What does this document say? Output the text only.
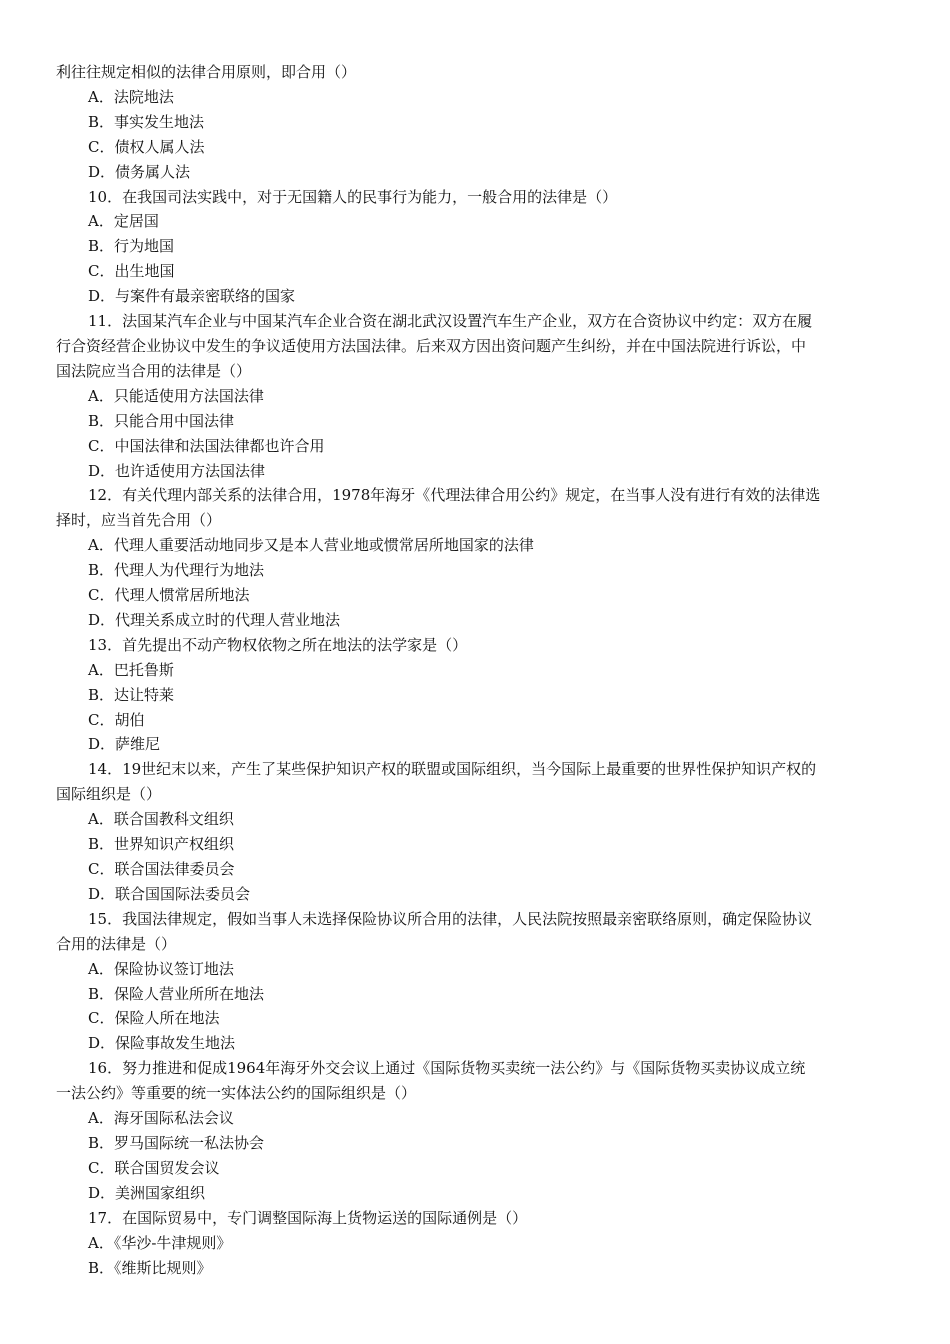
利往往规定相似的法律合用原则，即合用（）
A．法院地法
B．事实发生地法
C．债权人属人法
D．债务属人法
10．在我国司法实践中，对于无国籍人的民事行为能力，一般合用的法律是（）
A．定居国
B．行为地国
C．出生地国
D．与案件有最亲密联络的国家
11．法国某汽车企业与中国某汽车企业合资在湖北武汉设置汽车生产企业，双方在合资协议中约定：双方在履
行合资经营企业协议中发生的争议适使用方法国法律。后来双方因出资问题产生纠纷，并在中国法院进行诉讼，中
国法院应当合用的法律是（）
A．只能适使用方法国法律
B．只能合用中国法律
C．中国法律和法国法律都也许合用
D．也许适使用方法国法律
12．有关代理内部关系的法律合用，1978年海牙《代理法律合用公约》规定，在当事人没有进行有效的法律选
择时，应当首先合用（）
A．代理人重要活动地同步又是本人营业地或惯常居所地国家的法律
B．代理人为代理行为地法
C．代理人惯常居所地法
D．代理关系成立时的代理人营业地法
13．首先提出不动产物权依物之所在地法的法学家是（）
A．巴托鲁斯
B．达让特莱
C．胡伯
D．萨维尼
14．19世纪末以来，产生了某些保护知识产权的联盟或国际组织，当今国际上最重要的世界性保护知识产权的
国际组织是（）
A．联合国教科文组织
B．世界知识产权组织
C．联合国法律委员会
D．联合国国际法委员会
15．我国法律规定，假如当事人未选择保险协议所合用的法律，人民法院按照最亲密联络原则，确定保险协议
合用的法律是（）
A．保险协议签订地法
B．保险人营业所所在地法
C．保险人所在地法
D．保险事故发生地法
16．努力推进和促成1964年海牙外交会议上通过《国际货物买卖统一法公约》与《国际货物买卖协议成立统
一法公约》等重要的统一实体法公约的国际组织是（）
A．海牙国际私法会议
B．罗马国际统一私法协会
C．联合国贸发会议
D．美洲国家组织
17．在国际贸易中，专门调整国际海上货物运送的国际通例是（）
A．《华沙-牛津规则》
B．《维斯比规则》
